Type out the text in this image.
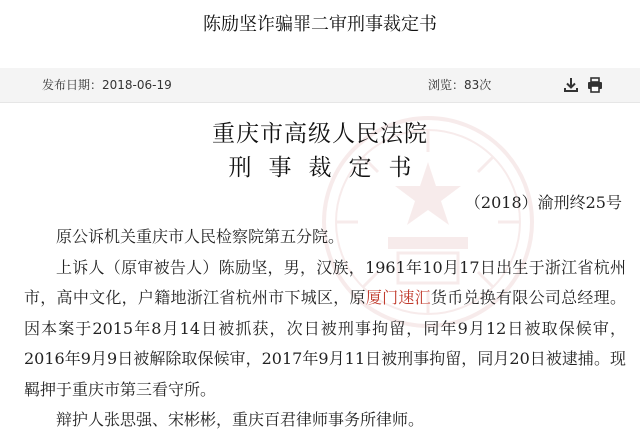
陈励坚诈骗罪二审刑事裁定书
发布日期：2018-06-19	浏览：83次
重庆市高级人民法院
刑事裁定书
（2018）渝刑终25号

原公诉机关重庆市人民检察院第五分院。

上诉人（原审被告人）陈励坚，男，汉族，1961年10月17日出生于浙江省杭州市，高中文化，户籍地浙江省杭州市下城区，原厦门速汇货币兑换有限公司总经理。因本案于2015年8月14日被抓获，次日被刑事拘留，同年9月12日被取保候审，2016年9月9日被解除取保候审，2017年9月11日被刑事拘留，同月20日被逮捕。现羁押于重庆市第三看守所。

辩护人张思强、宋彬彬，重庆百君律师事务所律师。
